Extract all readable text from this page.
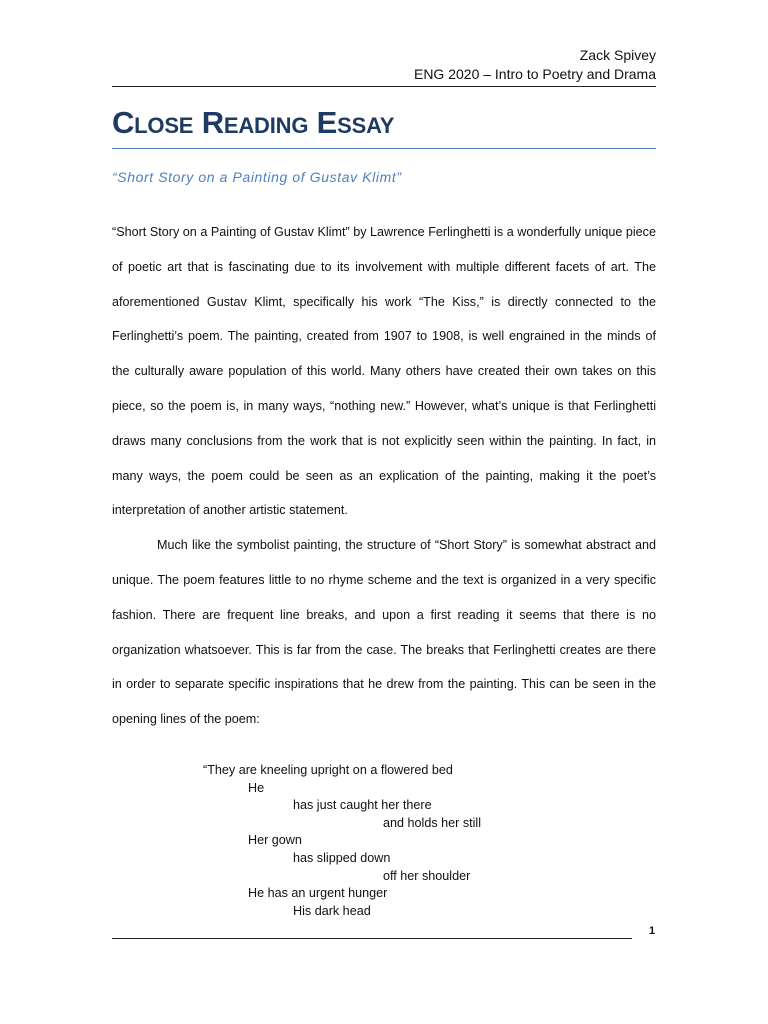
Zack Spivey
ENG 2020 – Intro to Poetry and Drama
Close Reading Essay
“Short Story on a Painting of Gustav Klimt”

“Short Story on a Painting of Gustav Klimt” by Lawrence Ferlinghetti is a wonderfully unique piece of poetic art that is fascinating due to its involvement with multiple different facets of art. The aforementioned Gustav Klimt, specifically his work “The Kiss,” is directly connected to the Ferlinghetti’s poem. The painting, created from 1907 to 1908, is well engrained in the minds of the culturally aware population of this world. Many others have created their own takes on this piece, so the poem is, in many ways, “nothing new.” However, what’s unique is that Ferlinghetti draws many conclusions from the work that is not explicitly seen within the painting. In fact, in many ways, the poem could be seen as an explication of the painting, making it the poet’s interpretation of another artistic statement.

Much like the symbolist painting, the structure of “Short Story” is somewhat abstract and unique. The poem features little to no rhyme scheme and the text is organized in a very specific fashion. There are frequent line breaks, and upon a first reading it seems that there is no organization whatsoever. This is far from the case. The breaks that Ferlinghetti creates are there in order to separate specific inspirations that he drew from the painting. This can be seen in the opening lines of the poem:

“They are kneeling upright on a flowered bed
He
has just caught her there
and holds her still
Her gown
has slipped down
off her shoulder
He has an urgent hunger
His dark head
1
